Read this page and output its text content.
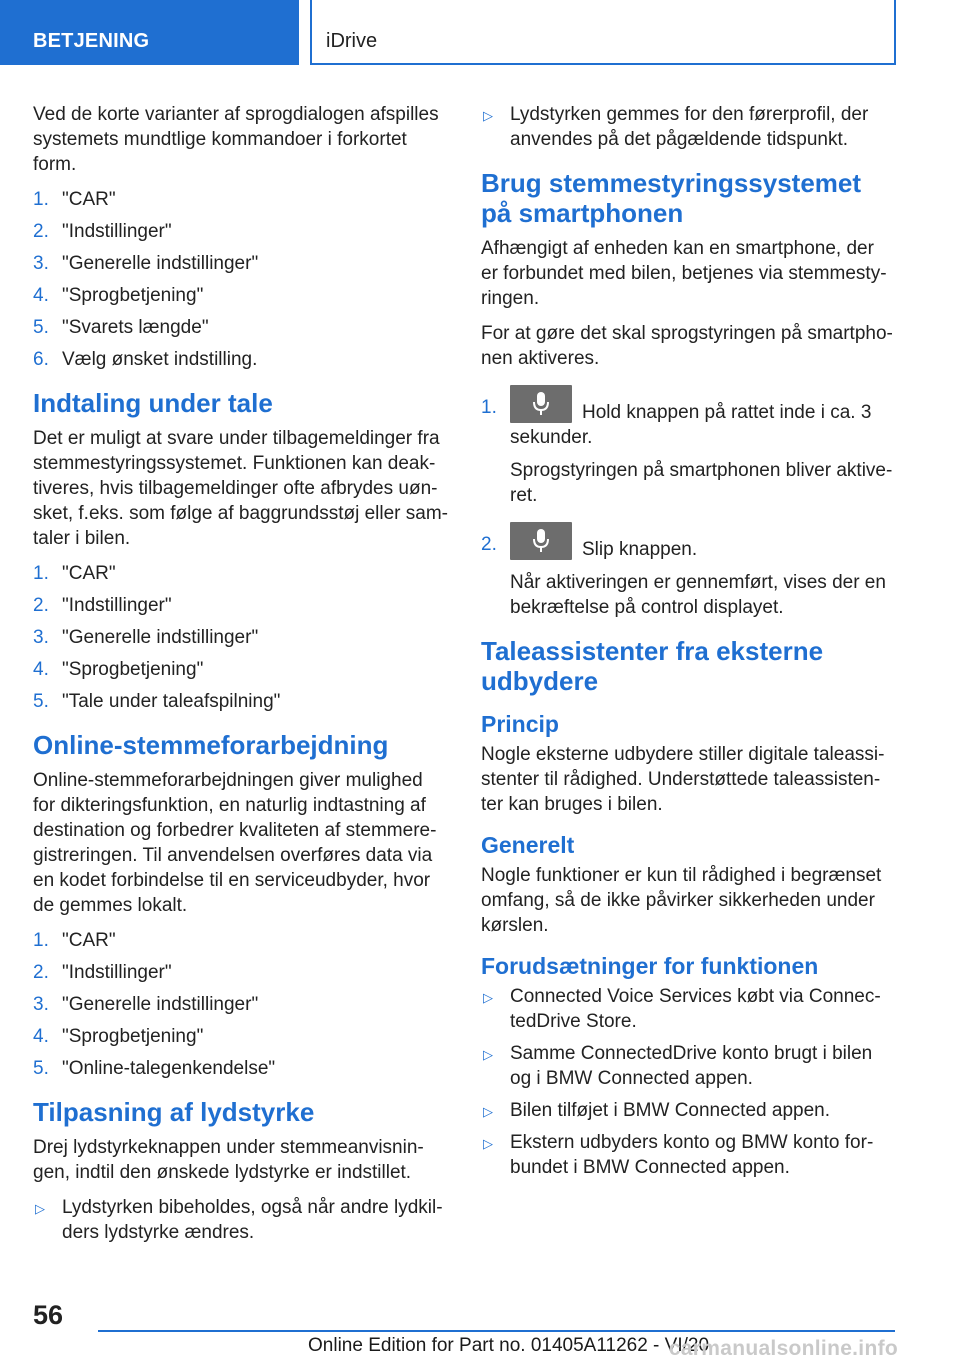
BETJENING	iDrive

Ved de korte varianter af sprogdialogen afspilles systemets mundtlige kommandoer i forkortet form.

1. "CAR"
2. "Indstillinger"
3. "Generelle indstillinger"
4. "Sprogbetjening"
5. "Svarets længde"
6. Vælg ønsket indstilling.
Indtaling under tale

Det er muligt at svare under tilbagemeldinger fra stemmestyringssystemet. Funktionen kan deaktiveres, hvis tilbagemeldinger ofte afbrydes uønsket, f.eks. som følge af baggrundsstøj eller samtaler i bilen.

1. "CAR"
2. "Indstillinger"
3. "Generelle indstillinger"
4. "Sprogbetjening"
5. "Tale under taleafspilning"
Online-stemmeforarbejdning

Online-stemmeforarbejdningen giver mulighed for dikteringsfunktion, en naturlig indtastning af destination og forbedrer kvaliteten af stemmeregistreringen. Til anvendelsen overføres data via en kodet forbindelse til en serviceudbyder, hvor de gemmes lokalt.

1. "CAR"
2. "Indstillinger"
3. "Generelle indstillinger"
4. "Sprogbetjening"
5. "Online-talegenkendelse"
Tilpasning af lydstyrke

Drej lydstyrkeknappen under stemmeanvisningen, indtil den ønskede lydstyrke er indstillet.

▷ Lydstyrken bibeholdes, også når andre lydkilders lydstyrke ændres.
▷ Lydstyrken gemmes for den førerprofil, der anvendes på det pågældende tidspunkt.
Brug stemmestyringssystemet på smartphonen

Afhængigt af enheden kan en smartphone, der er forbundet med bilen, betjenes via stemmestyringen.

For at gøre det skal sprogstyringen på smartphonen aktiveres.

1.	Hold knappen på rattet inde i ca. 3 sekunder.
Sprogstyringen på smartphonen bliver aktiveret.
2.	Slip knappen.
Når aktiveringen er gennemført, vises der en bekræftelse på control displayet.
Taleassistenter fra eksterne udbydere
Princip

Nogle eksterne udbydere stiller digitale taleassistenter til rådighed. Understøttede taleassistenter kan bruges i bilen.

Generelt

Nogle funktioner er kun til rådighed i begrænset omfang, så de ikke påvirker sikkerheden under kørslen.

Forudsætninger for funktionen
▷ Connected Voice Services købt via ConnectedDrive Store.
▷ Samme ConnectedDrive konto brugt i bilen og i BMW Connected appen.
▷ Bilen tilføjet i BMW Connected appen.
▷ Ekstern udbyders konto og BMW konto forbundet i BMW Connected appen.
56
Online Edition for Part no. 01405A11262 - VI/20
carmanualsonline.info
